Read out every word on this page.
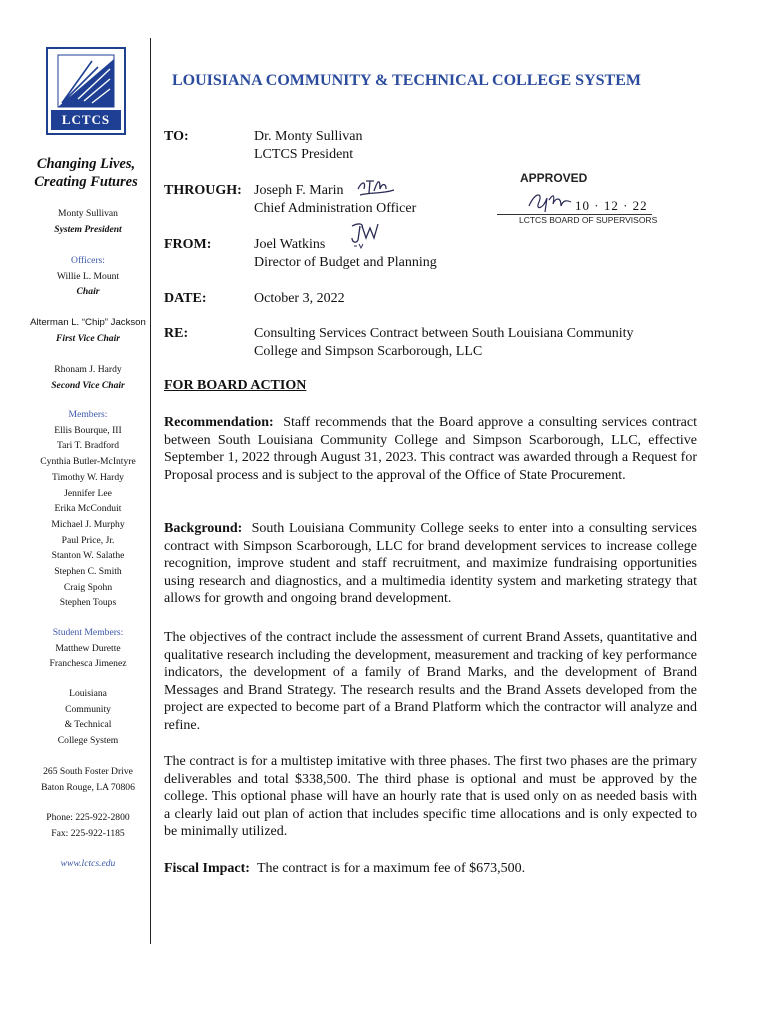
LCTCS
Changing Lives,
Creating Futures
Monty Sullivan
System President
Officers:
Willie L. Mount
Chair
Alterman L. “Chip” Jackson
First Vice Chair
Rhonam J. Hardy
Second Vice Chair
Members:
Ellis Bourque, III
Tari T. Bradford
Cynthia Butler-McIntyre
Timothy W. Hardy
Jennifer Lee
Erika McConduit
Michael J. Murphy
Paul Price, Jr.
Stanton W. Salathe
Stephen C. Smith
Craig Spohn
Stephen Toups
Student Members:
Matthew Durette
Franchesca Jimenez
Louisiana
Community
& Technical
College System
265 South Foster Drive
Baton Rouge, LA 70806
Phone: 225-922-2800
Fax: 225-922-1185
www.lctcs.edu
LOUISIANA COMMUNITY & TECHNICAL COLLEGE SYSTEM
TO:	Dr. Monty Sullivan
LCTCS President
THROUGH: Joseph F. Marin
Chief Administration Officer
FROM:	Joel Watkins
Director of Budget and Planning
DATE:	October 3, 2022
RE:	Consulting Services Contract between South Louisiana Community
College and Simpson Scarborough, LLC
APPROVED
10 · 12 · 22
LCTCS BOARD OF SUPERVISORS
FOR BOARD ACTION
Recommendation: Staff recommends that the Board approve a consulting services contract between South Louisiana Community College and Simpson Scarborough, LLC, effective September 1, 2022 through August 31, 2023. This contract was awarded through a Request for Proposal process and is subject to the approval of the Office of State Procurement.
Background: South Louisiana Community College seeks to enter into a consulting services contract with Simpson Scarborough, LLC for brand development services to increase college recognition, improve student and staff recruitment, and maximize fundraising opportunities using research and diagnostics, and a multimedia identity system and marketing strategy that allows for growth and ongoing brand development.
The objectives of the contract include the assessment of current Brand Assets, quantitative and qualitative research including the development, measurement and tracking of key performance indicators, the development of a family of Brand Marks, and the development of Brand Messages and Brand Strategy. The research results and the Brand Assets developed from the project are expected to become part of a Brand Platform which the contractor will analyze and refine.
The contract is for a multistep imitative with three phases. The first two phases are the primary deliverables and total $338,500. The third phase is optional and must be approved by the college. This optional phase will have an hourly rate that is used only on as needed basis with a clearly laid out plan of action that includes specific time allocations and is only expected to be minimally utilized.
Fiscal Impact: The contract is for a maximum fee of $673,500.
